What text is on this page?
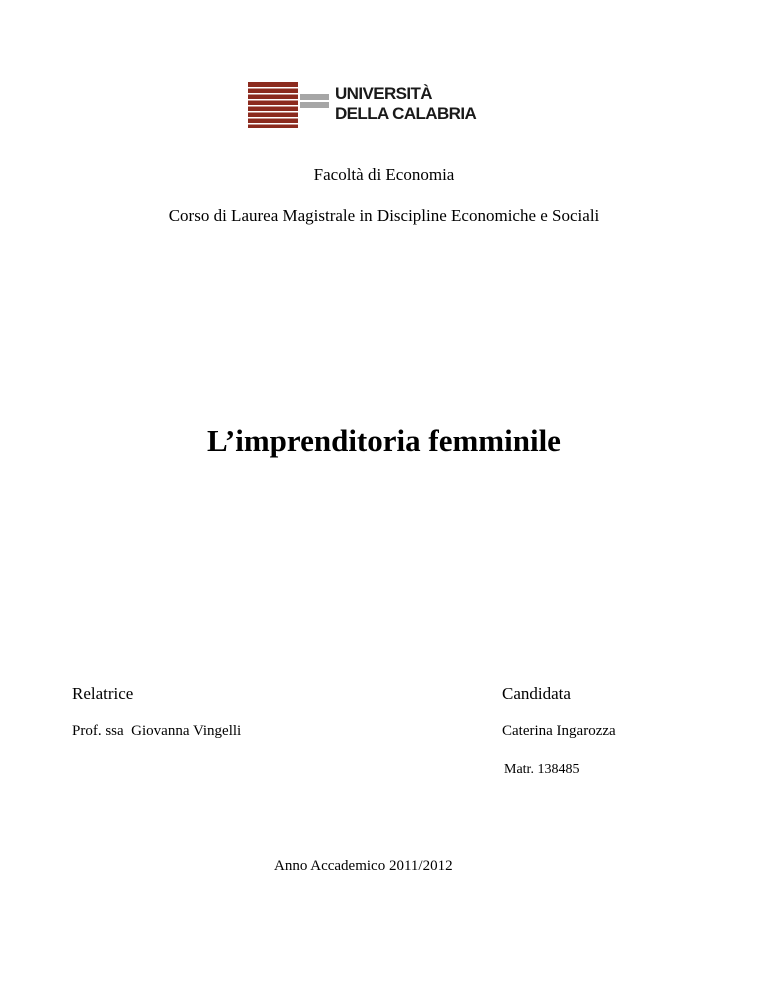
UNIVERSITÀ
DELLA CALABRIA
Facoltà di Economia
Corso di Laurea Magistrale in Discipline Economiche e Sociali
L’imprenditoria femminile
Relatrice	Candidata
Prof. ssa  Giovanna Vingelli	Caterina Ingarozza
Matr. 138485
Anno Accademico 2011/2012
